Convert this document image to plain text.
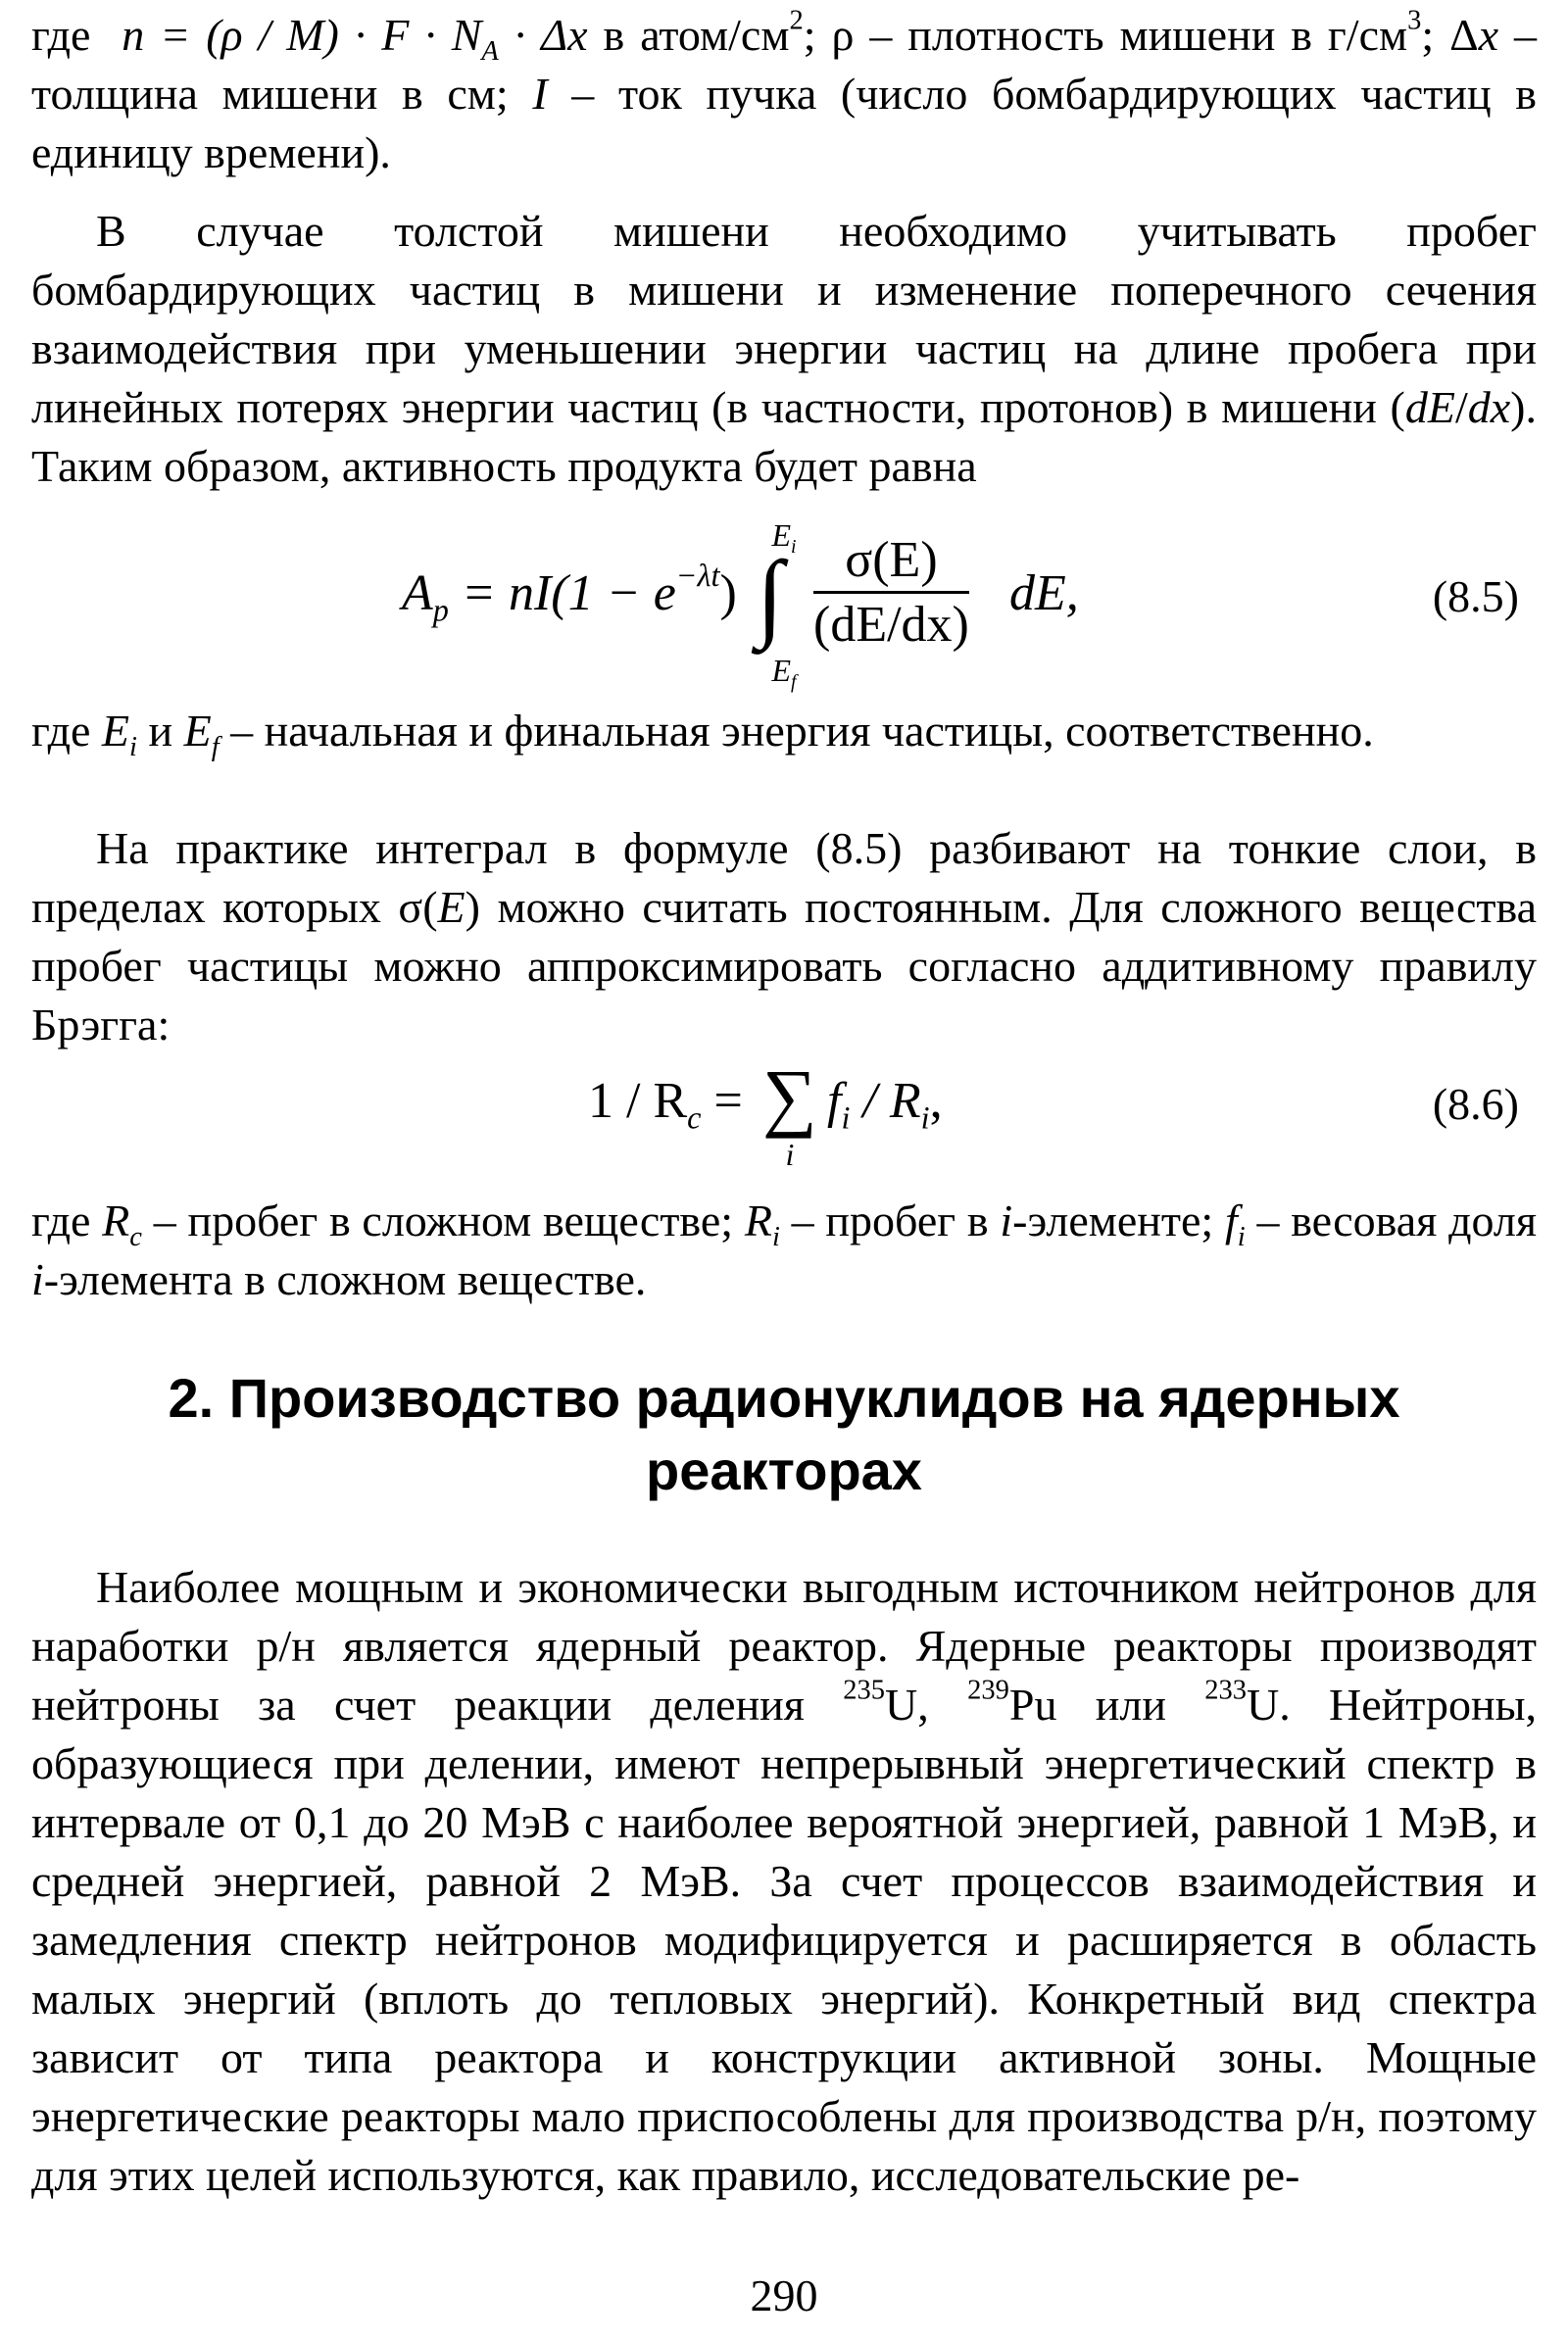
где $n = (\rho / M) \cdot F \cdot N_A \cdot \Delta x$ в атом/$см^2$; ρ – плотность мишени в $г/см^3$; Δx – толщина мишени в см; I – ток пучка (число бомбардирующих частиц в единицу времени).

В случае толстой мишени необходимо учитывать пробег бомбардирующих частиц в мишени и изменение поперечного сечения взаимодействия при уменьшении энергии частиц на длине пробега при линейных потерях энергии частиц (в частности, протонов) в мишени (dE/dx). Таким образом, активность продукта будет равна

$A_p = nI(1 - e^{-\lambda t})$
$E_i$
∫
$E_f$
$\frac{\sigma(E)}{(dE/dx)}$ dE,	(8.5)

где $E_i$ и $E_f$ – начальная и финальная энергия частицы, соответственно.

На практике интеграл в формуле (8.5) разбивают на тонкие слои, в пределах которых σ(E) можно считать постоянным. Для сложного вещества пробег частицы можно аппроксимировать согласно аддитивному правилу Брэгга:

$1 / R_c$ = ∑
i
$f_i / R_i$,	(8.6)

где $R_c$ – пробег в сложном веществе; $R_i$ – пробег в i-элементе; $f_i$ – весовая доля i-элемента в сложном веществе.

2. Производство радионуклидов на ядерных реакторах

Наиболее мощным и экономически выгодным источником нейтронов для наработки р/н является ядерный реактор. Ядерные реакторы производят нейтроны за счет реакции деления $^{235}$U, $^{239}$Pu или $^{233}$U. Нейтроны, образующиеся при делении, имеют непрерывный энергетический спектр в интервале от 0,1 до 20 МэВ с наиболее вероятной энергией, равной 1 МэВ, и средней энергией, равной 2 МэВ. За счет процессов взаимодействия и замедления спектр нейтронов модифицируется и расширяется в область малых энергий (вплоть до тепловых энергий). Конкретный вид спектра зависит от типа реактора и конструкции активной зоны. Мощные энергетические реакторы мало приспособлены для производства р/н, поэтому для этих целей используются, как правило, исследовательские ре-

290
